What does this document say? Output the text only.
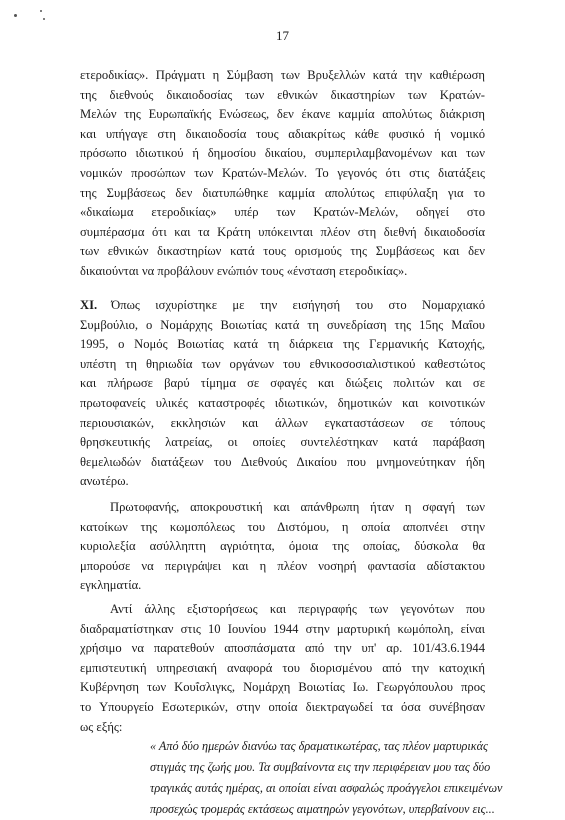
17
ετεροδικίας». Πράγματι η Σύμβαση των Βρυξελλών κατά την καθιέρωση
της διεθνούς δικαιοδοσίας των εθνικών δικαστηρίων των Κρατών-
Μελών της Ευρωπαϊκής Ενώσεως, δεν έκανε καμμία απολύτως διάκριση
και υπήγαγε στη δικαιοδοσία τους αδιακρίτως κάθε φυσικό ή νομικό
πρόσωπο ιδιωτικού ή δημοσίου δικαίου, συμπεριλαμβανομένων και των
νομικών προσώπων των Κρατών-Μελών. Το γεγονός ότι στις διατάξεις
της Συμβάσεως δεν διατυπώθηκε καμμία απολύτως επιφύλαξη για το
«δικαίωμα ετεροδικίας» υπέρ των Κρατών-Μελών, οδηγεί στο
συμπέρασμα ότι και τα Κράτη υπόκεινται πλέον στη διεθνή δικαιοδοσία
των εθνικών δικαστηρίων κατά τους ορισμούς της Συμβάσεως και δεν
δικαιούνται να προβάλουν ενώπιόν τους «ένσταση ετεροδικίας».
XI. Όπως ισχυρίστηκε με την εισήγησή του στο Νομαρχιακό
Συμβούλιο, ο Νομάρχης Βοιωτίας κατά τη συνεδρίαση της 15ης Μαΐου
1995, ο Νομός Βοιωτίας κατά τη διάρκεια της Γερμανικής Κατοχής,
υπέστη τη θηριωδία των οργάνων του εθνικοσοσιαλιστικού καθεστώτος
και πλήρωσε βαρύ τίμημα σε σφαγές και διώξεις πολιτών και σε
πρωτοφανείς υλικές καταστροφές ιδιωτικών, δημοτικών και κοινοτικών
περιουσιακών, εκκλησιών και άλλων εγκαταστάσεων σε τόπους
θρησκευτικής λατρείας, οι οποίες συντελέστηκαν κατά παράβαση
θεμελιωδών διατάξεων του Διεθνούς Δικαίου που μνημονεύτηκαν ήδη
ανωτέρω.
Πρωτοφανής, αποκρουστική και απάνθρωπη ήταν η σφαγή των
κατοίκων της κωμοπόλεως του Διστόμου, η οποία αποπνέει στην
κυριολεξία ασύλληπτη αγριότητα, όμοια της οποίας, δύσκολα θα
μπορούσε να περιγράψει και η πλέον νοσηρή φαντασία αδίστακτου
εγκληματία.
Αντί άλλης εξιστορήσεως και περιγραφής των γεγονότων που
διαδραματίστηκαν στις 10 Ιουνίου 1944 στην μαρτυρική κωμόπολη, είναι
χρήσιμο να παρατεθούν αποσπάσματα από την υπ' αρ. 101/43.6.1944
εμπιστευτική υπηρεσιακή αναφορά του διορισμένου από την κατοχική
Κυβέρνηση των Κουΐσλιγκς, Νομάρχη Βοιωτίας Ιω. Γεωργόπουλου προς
το Υπουργείο Εσωτερικών, στην οποία διεκτραγωδεί τα όσα συνέβησαν
ως εξής:
« Από δύο ημερών διανύω τας δραματικωτέρας, τας πλέον μαρτυρικάς
στιγμάς της ζωής μου. Τα συμβαίνοντα εις την περιφέρειαν μου τας δύο
τραγικάς αυτάς ημέρας, αι οποίαι είναι ασφαλώς προάγγελοι επικειμένων
προσεχώς τρομεράς εκτάσεως αιματηρών γεγονότων, υπερβαίνουν εις...
